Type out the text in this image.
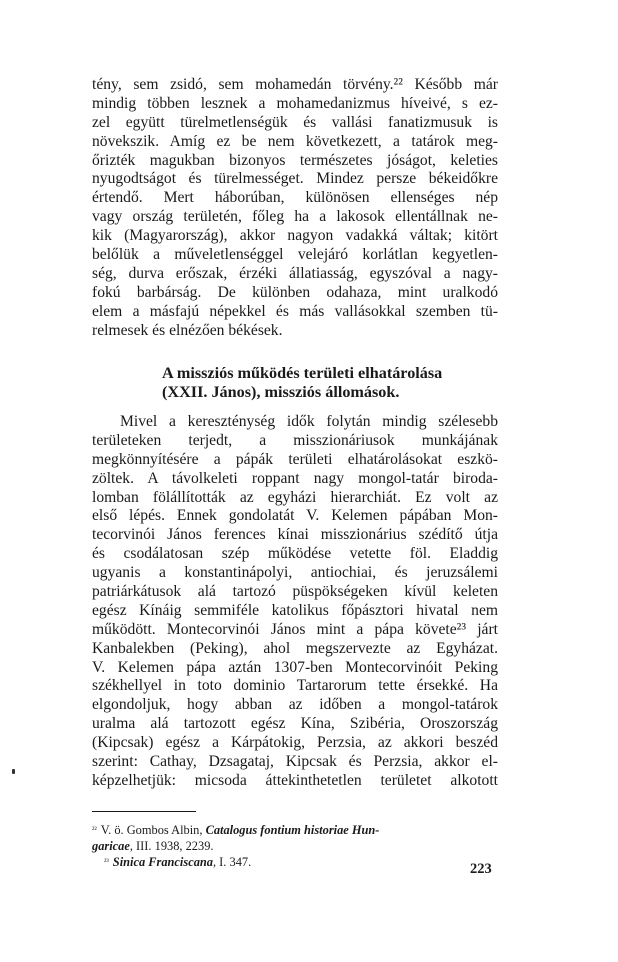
tény, sem zsidó, sem mohamedán törvény.²² Később már
mindig többen lesznek a mohamedanizmus híveivé, s ez-
zel együtt türelmetlenségük és vallási fanatizmusuk is
növekszik. Amíg ez be nem következett, a tatárok meg-
őrizték magukban bizonyos természetes jóságot, keleties
nyugodtságot és türelmességet. Mindez persze békeidőkre
értendő. Mert háborúban, különösen ellenséges nép
vagy ország területén, főleg ha a lakosok ellentállnak ne-
kik (Magyarország), akkor nagyon vadakká váltak; kitört
belőlük a műveletlenséggel velejáró korlátlan kegyetlen-
ség, durva erőszak, érzéki állatiasság, egyszóval a nagy-
fokú barbárság. De különben odahaza, mint uralkodó
elem a másfajú népekkel és más vallásokkal szemben tü-
relmesek és elnézően békések.
A missziós működés területi elhatárolása
(XXII. János), missziós állomások.
Mivel a kereszténység idők folytán mindig szélesebb
területeken terjedt, a misszionáriusok munkájának
megkönnyítésére a pápák területi elhatárolásokat eszkö-
zöltek. A távolkeleti roppant nagy mongol-tatár biroda-
lomban fölállították az egyházi hierarchiát. Ez volt az
első lépés. Ennek gondolatát V. Kelemen pápában Mon-
tecorvinói János ferences kínai misszionárius szédítő útja
és csodálatosan szép működése vetette föl. Eladdig
ugyanis a konstantinápolyi, antiochiai, és jeruzsálemi
patriárkátusok alá tartozó püspökségeken kívül keleten
egész Kínáig semmiféle katolikus főpásztori hivatal nem
működött. Montecorvinói János mint a pápa követe²³ járt
Kanbalekben (Peking), ahol megszervezte az Egyházat.
V. Kelemen pápa aztán 1307-ben Montecorvinóit Peking
székhellyel in toto dominio Tartarorum tette érsekké. Ha
elgondoljuk, hogy abban az időben a mongol-tatárok
uralma alá tartozott egész Kína, Szibéria, Oroszország
(Kipcsak) egész a Kárpátokig, Perzsia, az akkori beszéd
szerint: Cathay, Dzsagataj, Kipcsak és Perzsia, akkor el-
képzelhetjük: micsoda áttekinthetetlen területet alkotott
$^{^{22}}$ V. ö. Gombos Albin, Catalogus fontium historiae Hun-
garicae, III. 1938, 2239.
$^{^{23}}$ Sinica Franciscana, I. 347.	223
